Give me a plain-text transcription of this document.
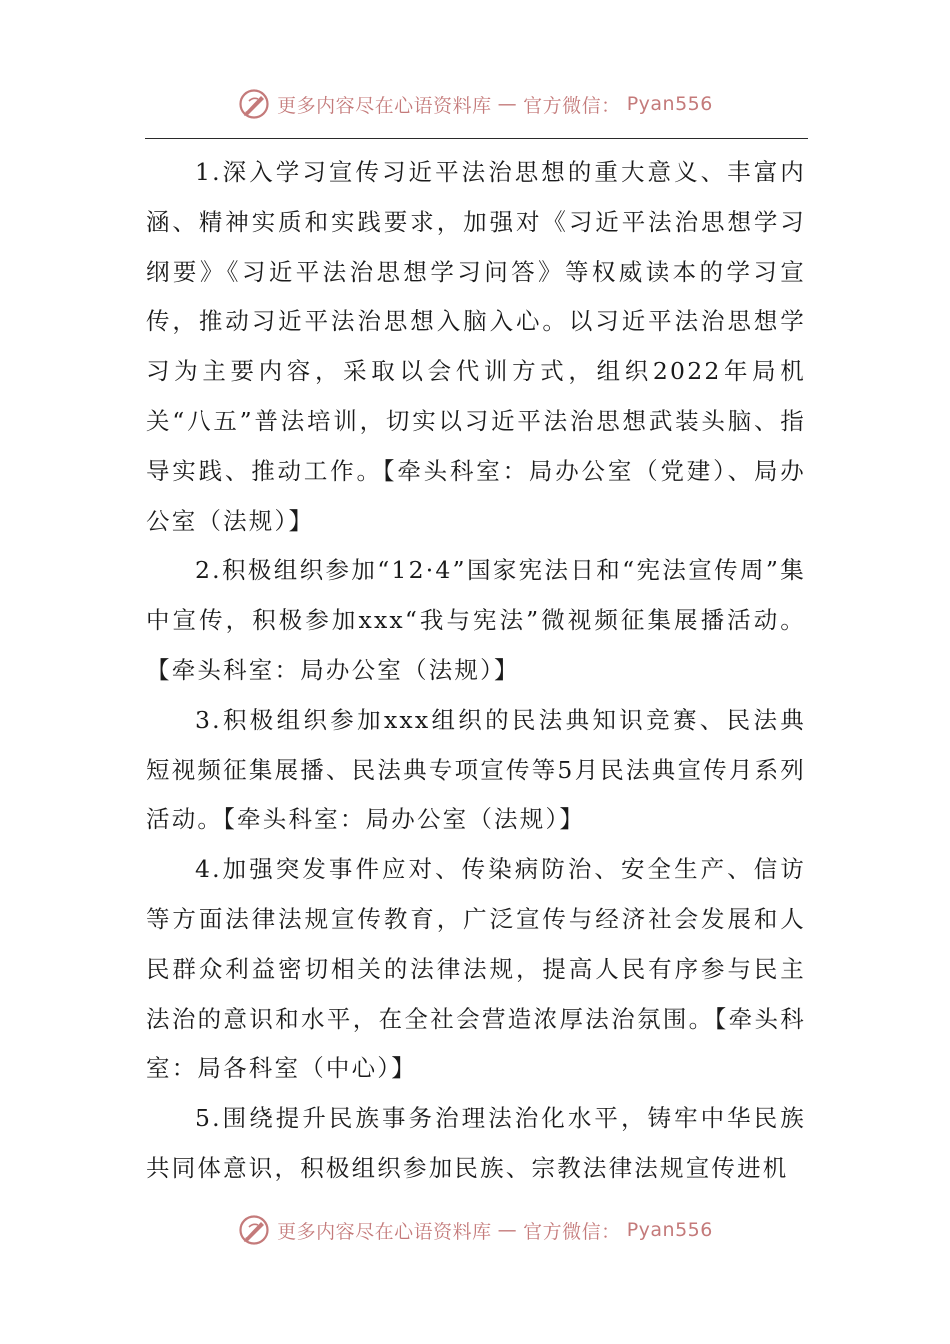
更多内容尽在心语资料库 — 官方微信： Pyan556

1.深入学习宣传习近平法治思想的重大意义、丰富内涵、精神实质和实践要求，加强对《习近平法治思想学习纲要》《习近平法治思想学习问答》等权威读本的学习宣传，推动习近平法治思想入脑入心。以习近平法治思想学习为主要内容，采取以会代训方式，组织2022年局机关“八五”普法培训，切实以习近平法治思想武装头脑、指导实践、推动工作。【牵头科室：局办公室（党建）、局办公室（法规）】

2.积极组织参加“12·4”国家宪法日和“宪法宣传周”集中宣传，积极参加xxx“我与宪法”微视频征集展播活动。【牵头科室：局办公室（法规）】

3.积极组织参加xxx组织的民法典知识竞赛、民法典短视频征集展播、民法典专项宣传等5月民法典宣传月系列活动。【牵头科室：局办公室（法规）】

4.加强突发事件应对、传染病防治、安全生产、信访等方面法律法规宣传教育，广泛宣传与经济社会发展和人民群众利益密切相关的法律法规，提高人民有序参与民主法治的意识和水平，在全社会营造浓厚法治氛围。【牵头科室：局各科室（中心）】

5.围绕提升民族事务治理法治化水平，铸牢中华民族共同体意识，积极组织参加民族、宗教法律法规宣传进机

更多内容尽在心语资料库 — 官方微信： Pyan556
